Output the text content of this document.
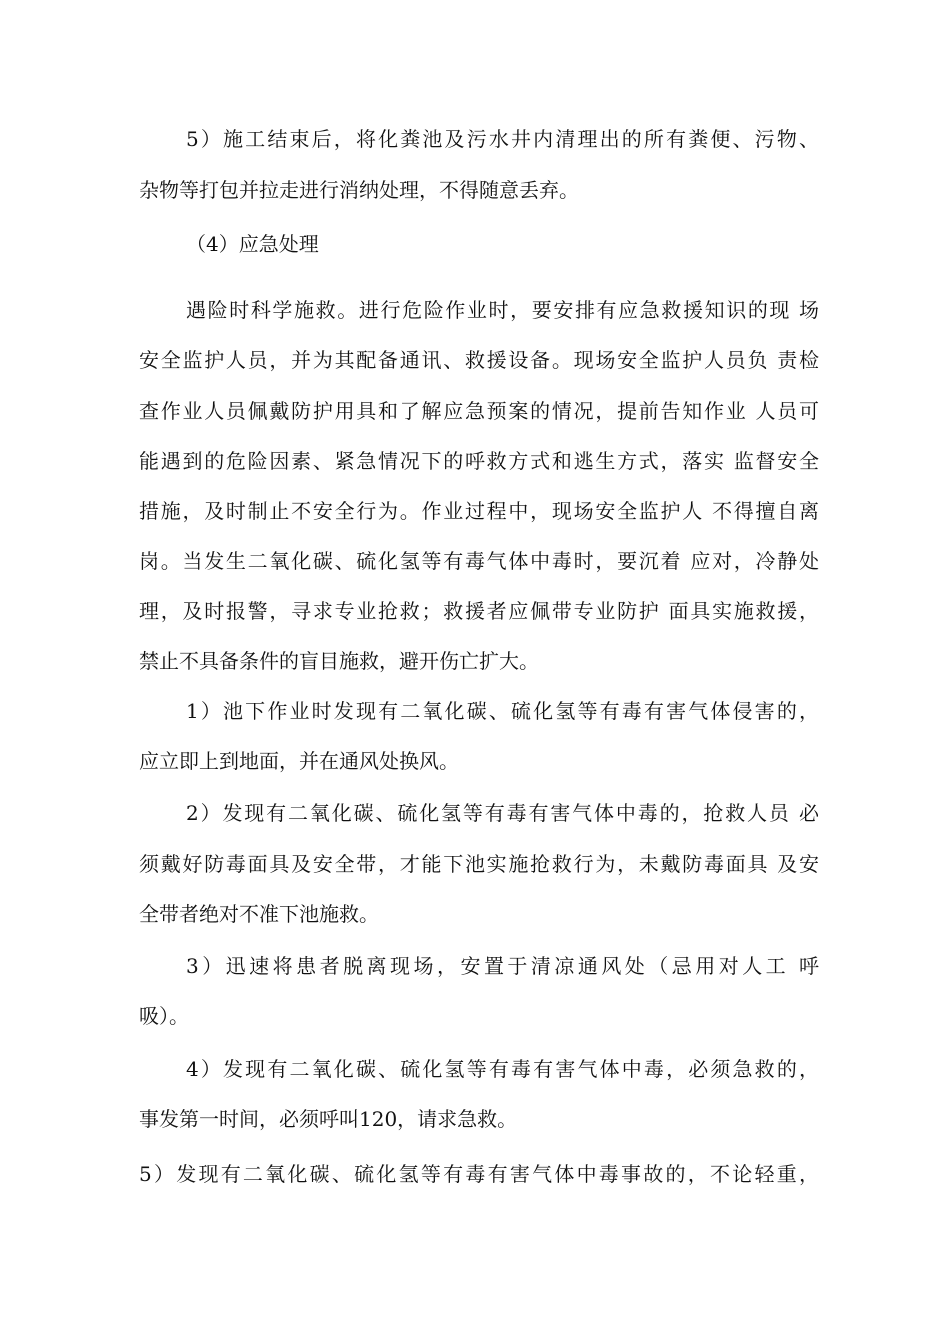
5）施工结束后，将化粪池及污水井内清理出的所有粪便、污物、
杂物等打包并拉走进行消纳处理，不得随意丢弃。
（4）应急处理
遇险时科学施救。进行危险作业时，要安排有应急救援知识的现 场
安全监护人员，并为其配备通讯、救援设备。现场安全监护人员负 责检
查作业人员佩戴防护用具和了解应急预案的情况，提前告知作业 人员可
能遇到的危险因素、紧急情况下的呼救方式和逃生方式，落实 监督安全
措施，及时制止不安全行为。作业过程中，现场安全监护人 不得擅自离
岗。当发生二氧化碳、硫化氢等有毒气体中毒时，要沉着 应对，冷静处
理，及时报警，寻求专业抢救；救援者应佩带专业防护 面具实施救援，
禁止不具备条件的盲目施救，避开伤亡扩大。
1）池下作业时发现有二氧化碳、硫化氢等有毒有害气体侵害的，
应立即上到地面，并在通风处换风。
2）发现有二氧化碳、硫化氢等有毒有害气体中毒的，抢救人员 必
须戴好防毒面具及安全带，才能下池实施抢救行为，未戴防毒面具 及安
全带者绝对不准下池施救。
3）迅速将患者脱离现场，安置于清凉通风处（忌用对人工 呼
吸）。
4）发现有二氧化碳、硫化氢等有毒有害气体中毒，必须急救的，
事发第一时间，必须呼叫120，请求急救。
5）发现有二氧化碳、硫化氢等有毒有害气体中毒事故的，不论轻重，
